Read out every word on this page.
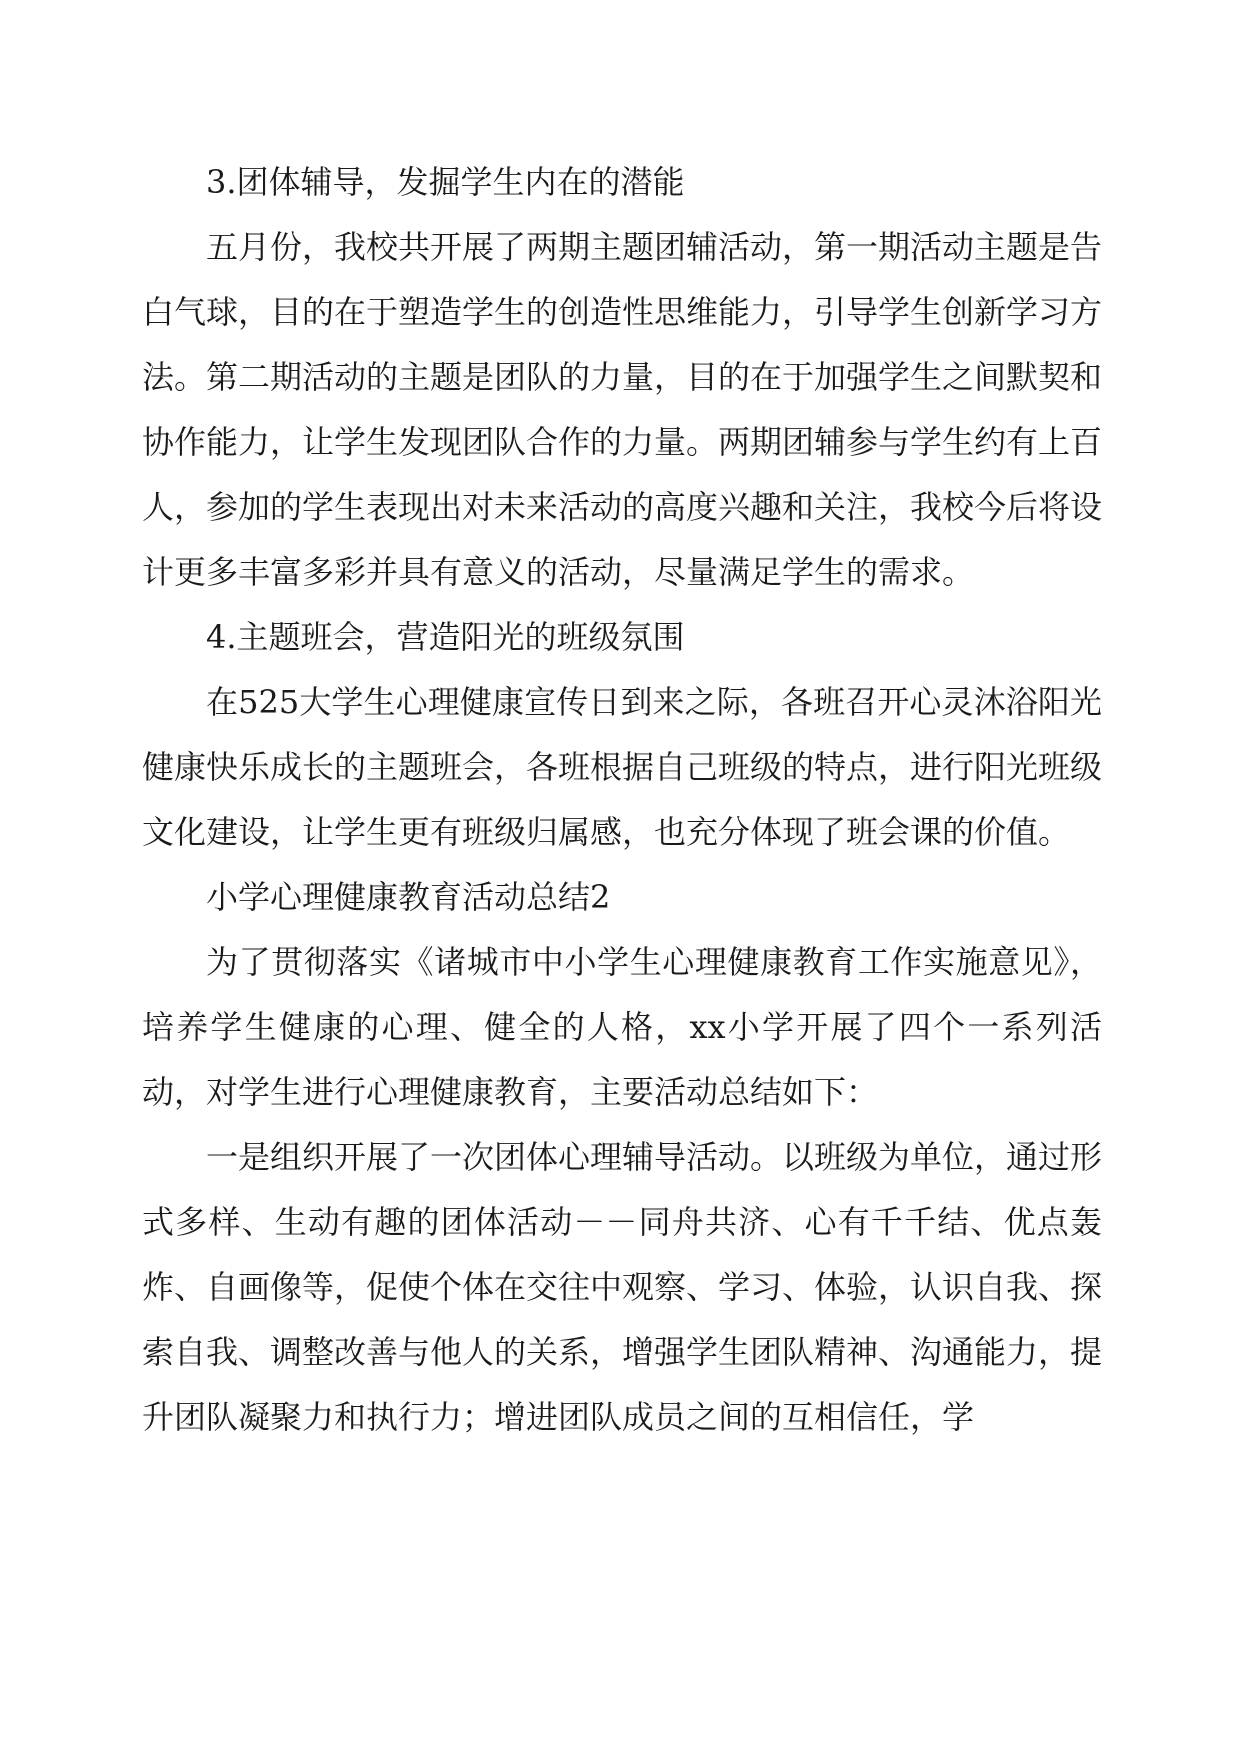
3.团体辅导，发掘学生内在的潜能

五月份，我校共开展了两期主题团辅活动，第一期活动主题是告白气球，目的在于塑造学生的创造性思维能力，引导学生创新学习方法。第二期活动的主题是团队的力量，目的在于加强学生之间默契和协作能力，让学生发现团队合作的力量。两期团辅参与学生约有上百人，参加的学生表现出对未来活动的高度兴趣和关注，我校今后将设计更多丰富多彩并具有意义的活动，尽量满足学生的需求。

4.主题班会，营造阳光的班级氛围

在525大学生心理健康宣传日到来之际，各班召开心灵沐浴阳光健康快乐成长的主题班会，各班根据自己班级的特点，进行阳光班级文化建设，让学生更有班级归属感，也充分体现了班会课的价值。

小学心理健康教育活动总结2

为了贯彻落实《诸城市中小学生心理健康教育工作实施意见》，培养学生健康的心理、健全的人格，xx小学开展了四个一系列活动，对学生进行心理健康教育，主要活动总结如下：

一是组织开展了一次团体心理辅导活动。以班级为单位，通过形式多样、生动有趣的团体活动－－同舟共济、心有千千结、优点轰炸、自画像等，促使个体在交往中观察、学习、体验，认识自我、探索自我、调整改善与他人的关系，增强学生团队精神、沟通能力，提升团队凝聚力和执行力；增进团队成员之间的互相信任，学
